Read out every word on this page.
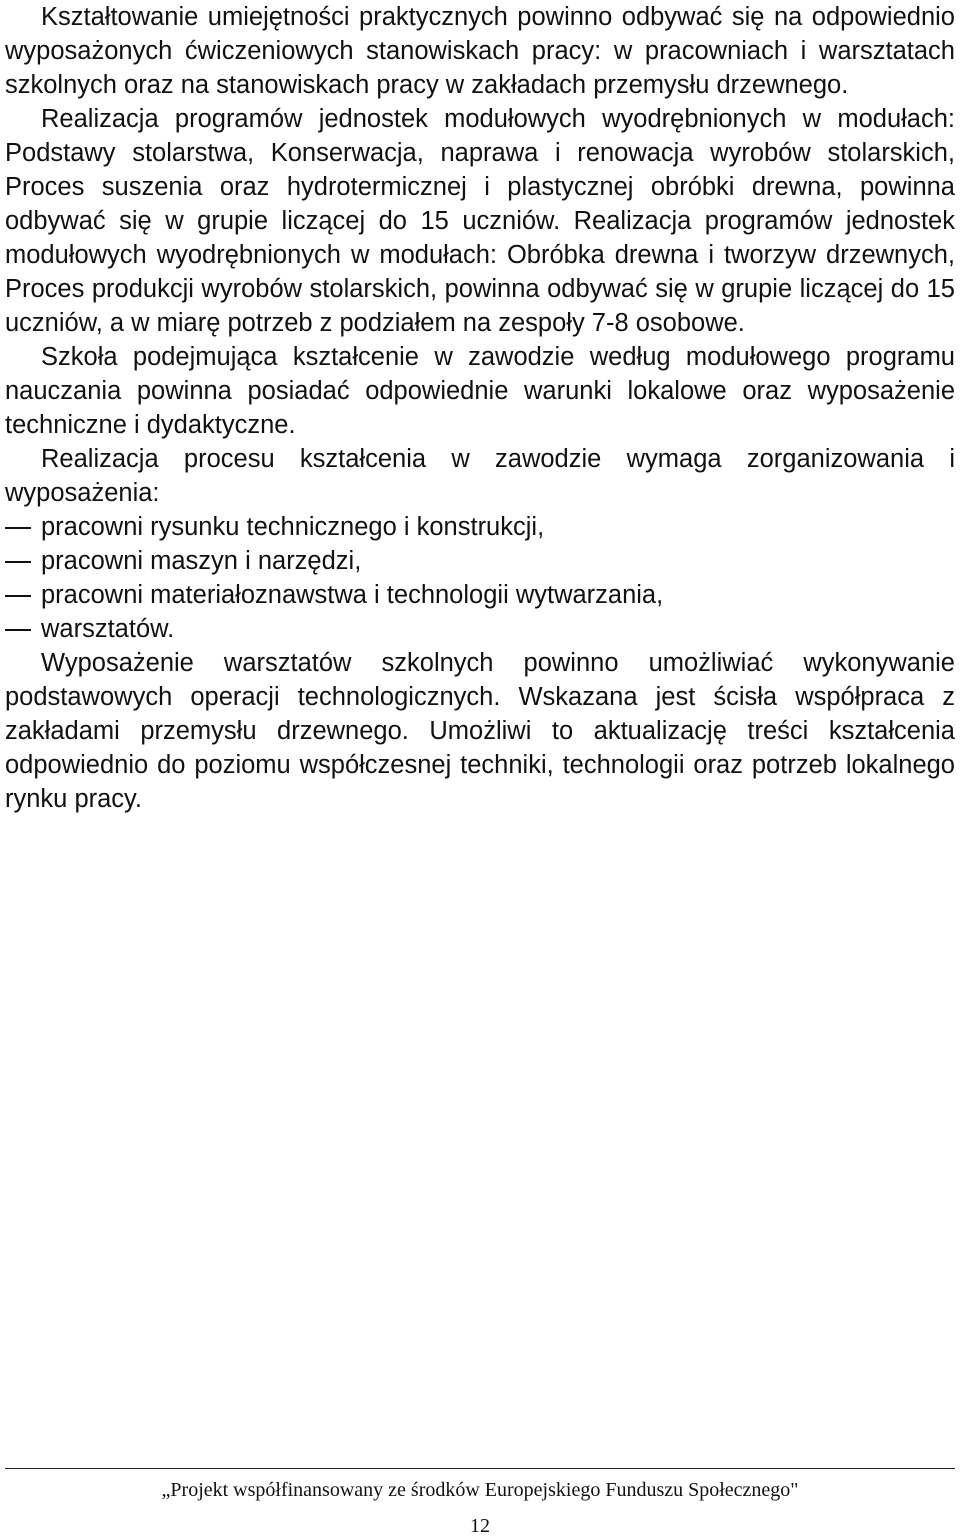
Kształtowanie umiejętności praktycznych powinno odbywać się na odpowiednio wyposażonych ćwiczeniowych stanowiskach pracy: w pracowniach i warsztatach szkolnych oraz na stanowiskach pracy w zakładach przemysłu drzewnego.

Realizacja programów jednostek modułowych wyodrębnionych w modułach: Podstawy stolarstwa, Konserwacja, naprawa i renowacja wyrobów stolarskich, Proces suszenia oraz hydrotermicznej i plastycznej obróbki drewna, powinna odbywać się w grupie liczącej do 15 uczniów. Realizacja programów jednostek modułowych wyodrębnionych w modułach: Obróbka drewna i tworzyw drzewnych, Proces produkcji wyrobów stolarskich, powinna odbywać się w grupie liczącej do 15 uczniów, a w miarę potrzeb z podziałem na zespoły 7-8 osobowe.

Szkoła podejmująca kształcenie w zawodzie według modułowego programu nauczania powinna posiadać odpowiednie warunki lokalowe oraz wyposażenie techniczne i dydaktyczne.

Realizacja procesu kształcenia w zawodzie wymaga zorganizowania i wyposażenia:

pracowni rysunku technicznego i konstrukcji,
pracowni maszyn i narzędzi,
pracowni materiałoznawstwa i technologii wytwarzania,
warsztatów.

Wyposażenie warsztatów szkolnych powinno umożliwiać wykonywanie podstawowych operacji technologicznych. Wskazana jest ścisła współpraca z zakładami przemysłu drzewnego. Umożliwi to aktualizację treści kształcenia odpowiednio do poziomu współczesnej techniki, technologii oraz potrzeb lokalnego rynku pracy.

„Projekt współfinansowany ze środków Europejskiego Funduszu Społecznego"
12
